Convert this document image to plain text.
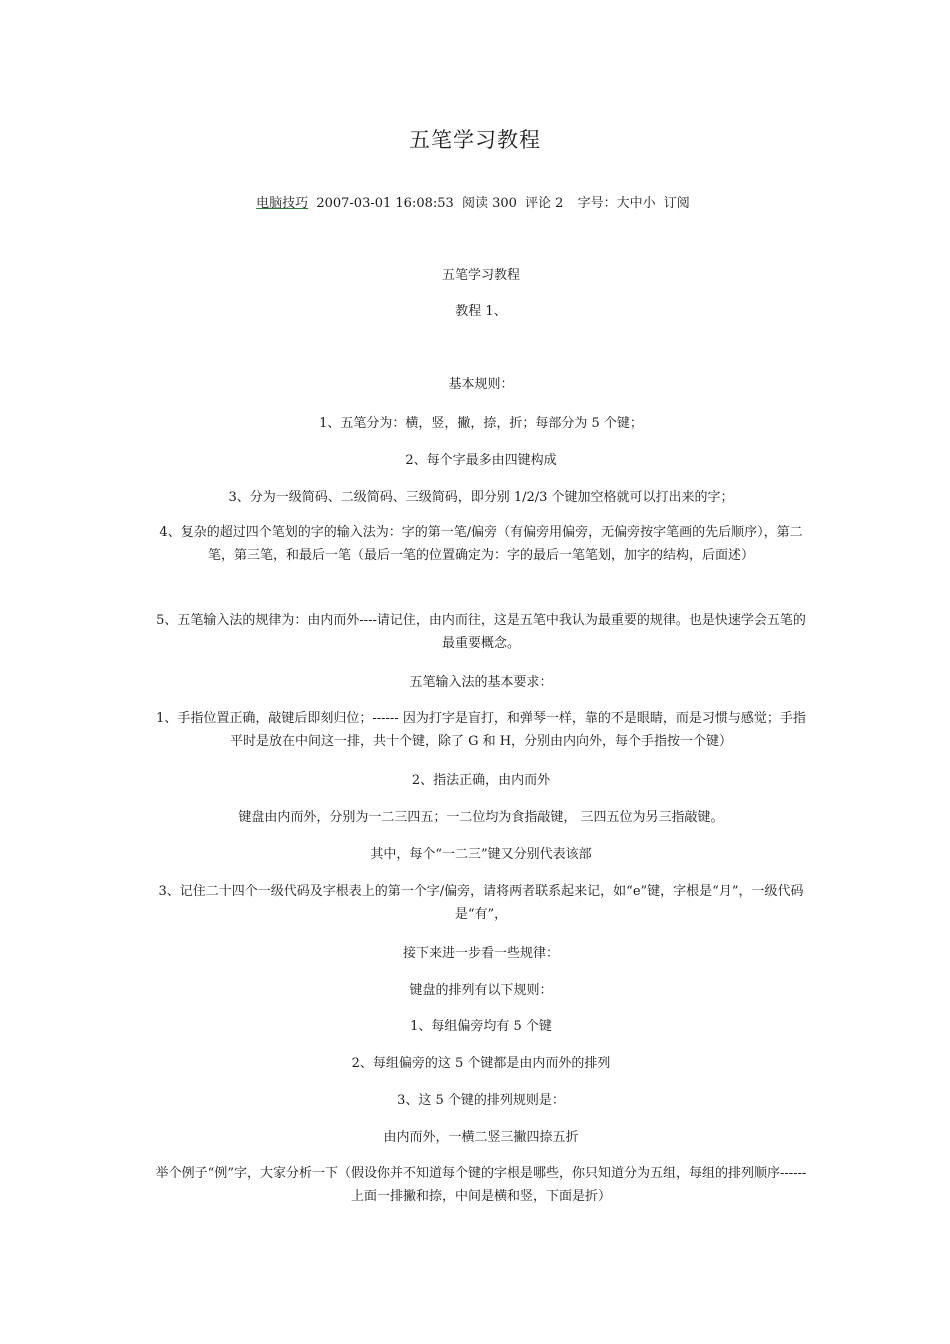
五笔学习教程
电脑技巧 2007-03-01 16:08:53 阅读 300 评论 2 字号：大中小 订阅
五笔学习教程
教程 1、
基本规则：
1、五笔分为：横，竖，撇，捺，折；每部分为 5 个键；
2、每个字最多由四键构成
3、分为一级简码、二级简码、三级简码，即分别 1/2/3 个键加空格就可以打出来的字；
4、复杂的超过四个笔划的字的输入法为：字的第一笔/偏旁（有偏旁用偏旁，无偏旁按字笔画的先后顺序），第二笔，第三笔，和最后一笔（最后一笔的位置确定为：字的最后一笔笔划，加字的结构，后面述）
5、五笔输入法的规律为：由内而外----请记住，由内而往，这是五笔中我认为最重要的规律。也是快速学会五笔的最重要概念。
五笔输入法的基本要求：
1、手指位置正确，敲键后即刻归位；------ 因为打字是盲打，和弹琴一样，靠的不是眼睛，而是习惯与感觉；手指平时是放在中间这一排，共十个键，除了 G 和 H，分别由内向外，每个手指按一个键）
2、指法正确，由内而外
键盘由内而外，分别为一二三四五；一二位均为食指敲键， 三四五位为另三指敲键。
其中，每个“一二三”键又分别代表该部
3、记住二十四个一级代码及字根表上的第一个字/偏旁，请将两者联系起来记，如“e”键，字根是“月”，一级代码是“有”，
接下来进一步看一些规律：
键盘的排列有以下规则：
1、每组偏旁均有 5 个键
2、每组偏旁的这 5 个键都是由内而外的排列
3、这 5 个键的排列规则是：
由内而外，一横二竖三撇四捺五折
举个例子“例”字，大家分析一下（假设你并不知道每个键的字根是哪些，你只知道分为五组，每组的排列顺序------上面一排撇和捺，中间是横和竖，下面是折）
